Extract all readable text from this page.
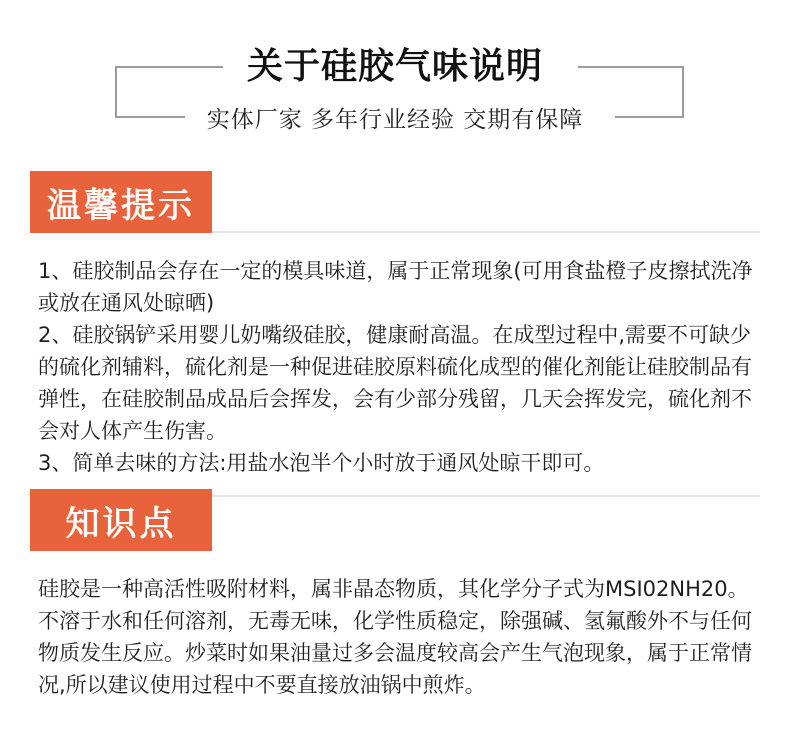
关于硅胶气味说明
实体厂家 多年行业经验 交期有保障
温馨提示

1、硅胶制品会存在一定的模具味道，属于正常现象(可用食盐橙子皮擦拭洗净或放在通风处晾晒)

2、硅胶锅铲采用婴儿奶嘴级硅胶，健康耐高温。在成型过程中,需要不可缺少的硫化剂辅料，硫化剂是一种促进硅胶原料硫化成型的催化剂能让硅胶制品有弹性，在硅胶制品成品后会挥发，会有少部分残留，几天会挥发完，硫化剂不会对人体产生伤害。

3、简单去味的方法:用盐水泡半个小时放于通风处晾干即可。

知识点

硅胶是一种高活性吸附材料，属非晶态物质，其化学分子式为MSI02NH20。不溶于水和任何溶剂，无毒无味，化学性质稳定，除强碱、氢氟酸外不与任何物质发生反应。炒菜时如果油量过多会温度较高会产生气泡现象，属于正常情况,所以建议使用过程中不要直接放油锅中煎炸。
